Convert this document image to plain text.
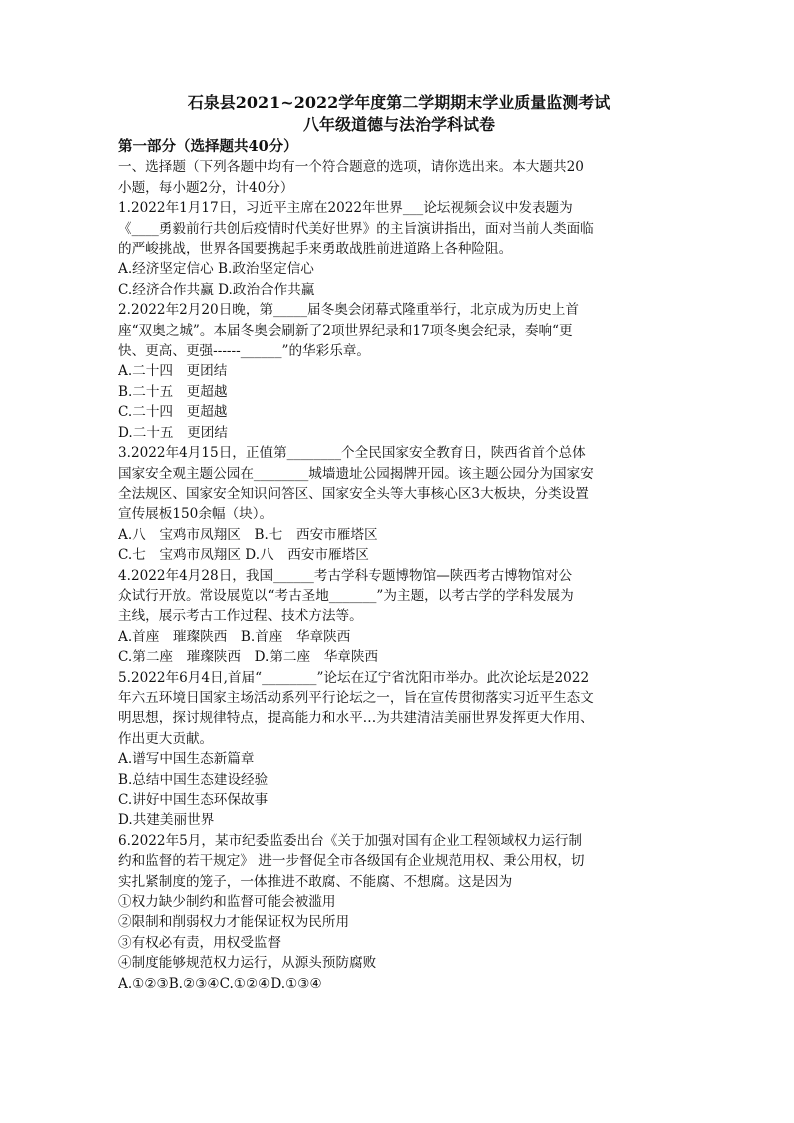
石泉县2021~2022学年度第二学期期末学业质量监测考试

八年级道德与法治学科试卷

第一部分（选择题共40分）

一、选择题（下列各题中均有一个符合题意的选项，请你选出来。本大题共20

小题，每小题2分，计40分）

1.2022年1月17日，习近平主席在2022年世界___论坛视频会议中发表题为

《____勇毅前行共创后疫情时代美好世界》的主旨演讲指出，面对当前人类面临

的严峻挑战，世界各国要携起手来勇敢战胜前进道路上各种险阻。

A.经济坚定信心 B.政治坚定信心

C.经济合作共赢 D.政治合作共赢

2.2022年2月20日晚，第_____届冬奥会闭幕式隆重举行，北京成为历史上首

座“双奥之城”。本届冬奥会刷新了2项世界纪录和17项冬奥会纪录，奏响“更

快、更高、更强------______”的华彩乐章。

A.二十四　更团结

B.二十五　更超越

C.二十四　更超越

D.二十五　更团结

3.2022年4月15日，正值第________个全民国家安全教育日，陕西省首个总体

国家安全观主题公园在________城墙遗址公园揭牌开园。该主题公园分为国家安

全法规区、国家安全知识问答区、国家安全头等大事核心区3大板块，分类设置

宣传展板150余幅（块）。

A.八　宝鸡市凤翔区　B.七　西安市雁塔区

C.七　宝鸡市凤翔区 D.八　西安市雁塔区

4.2022年4月28日，我国______考古学科专题博物馆—陕西考古博物馆对公

众试行开放。常设展览以“考古圣地_______”为主题，以考古学的学科发展为

主线，展示考古工作过程、技术方法等。

A.首座　璀璨陕西　B.首座　华章陕西

C.第二座　璀璨陕西　D.第二座　华章陕西

5.2022年6月4日,首届“________”论坛在辽宁省沈阳市举办。此次论坛是2022

年六五环境日国家主场活动系列平行论坛之一，旨在宣传贯彻落实习近平生态文

明思想，探讨规律特点，提高能力和水平…为共建清洁美丽世界发挥更大作用、

作出更大贡献。

A.谱写中国生态新篇章

B.总结中国生态建设经验

C.讲好中国生态环保故事

D.共建美丽世界

6.2022年5月，某市纪委监委出台《关于加强对国有企业工程领域权力运行制

约和监督的若干规定》 进一步督促全市各级国有企业规范用权、秉公用权，切

实扎紧制度的笼子，一体推进不敢腐、不能腐、不想腐。这是因为

①权力缺少制约和监督可能会被滥用

②限制和削弱权力才能保证权为民所用

③有权必有责，用权受监督

④制度能够规范权力运行，从源头预防腐败

A.①②③B.②③④C.①②④D.①③④
